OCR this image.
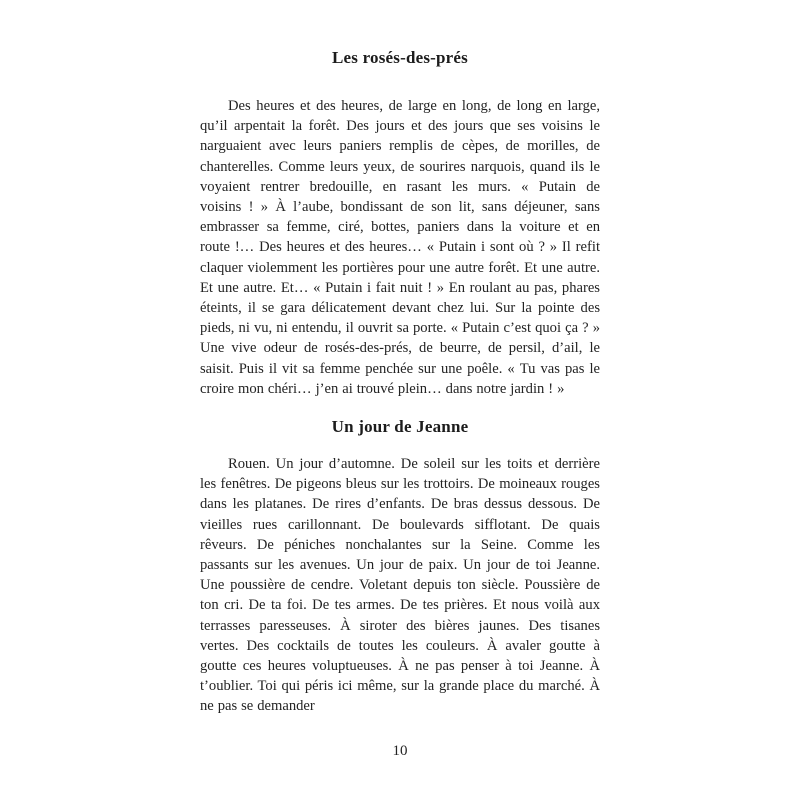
Les rosés-des-prés

Des heures et des heures, de large en long, de long en large, qu’il arpentait la forêt. Des jours et des jours que ses voisins le narguaient avec leurs paniers remplis de cèpes, de morilles, de chanterelles. Comme leurs yeux, de sourires narquois, quand ils le voyaient rentrer bredouille, en rasant les murs. « Putain de voisins ! » À l’aube, bondissant de son lit, sans déjeuner, sans embrasser sa femme, ciré, bottes, paniers dans la voiture et en route !… Des heures et des heures… « Putain i sont où ? » Il refit claquer violemment les portières pour une autre forêt. Et une autre. Et une autre. Et… « Putain i fait nuit ! » En roulant au pas, phares éteints, il se gara délicatement devant chez lui. Sur la pointe des pieds, ni vu, ni entendu, il ouvrit sa porte. « Putain c’est quoi ça ? » Une vive odeur de rosés-des-prés, de beurre, de persil, d’ail, le saisit. Puis il vit sa femme penchée sur une poêle. « Tu vas pas le croire mon chéri… j’en ai trouvé plein… dans notre jardin ! »

Un jour de Jeanne

Rouen. Un jour d’automne. De soleil sur les toits et derrière les fenêtres. De pigeons bleus sur les trottoirs. De moineaux rouges dans les platanes. De rires d’enfants. De bras dessus dessous. De vieilles rues carillonnant. De boulevards sifflotant. De quais rêveurs. De péniches nonchalantes sur la Seine. Comme les passants sur les avenues. Un jour de paix. Un jour de toi Jeanne. Une poussière de cendre. Voletant depuis ton siècle. Poussière de ton cri. De ta foi. De tes armes. De tes prières. Et nous voilà aux terrasses paresseuses. À siroter des bières jaunes. Des tisanes vertes. Des cocktails de toutes les couleurs. À avaler goutte à goutte ces heures voluptueuses. À ne pas penser à toi Jeanne. À t’oublier. Toi qui péris ici même, sur la grande place du marché. À ne pas se demander

10
